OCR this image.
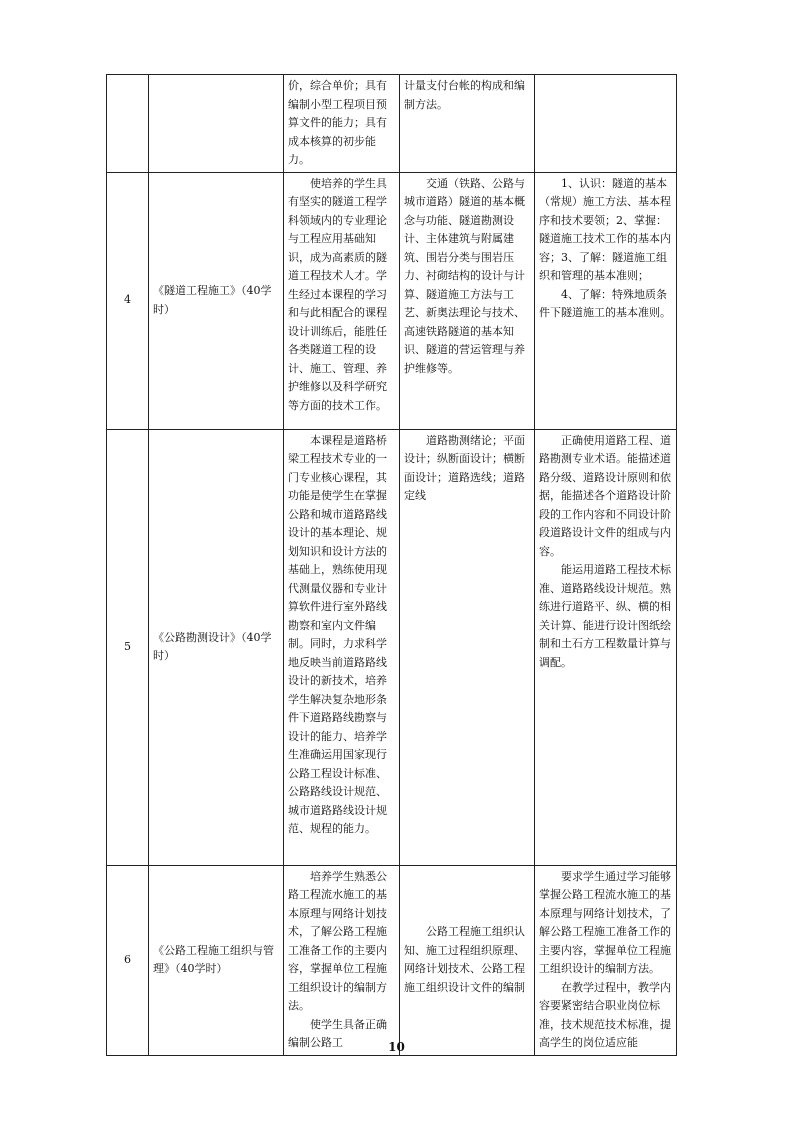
		价，综合单价；具有编制小型工程项目预算文件的能力；具有成本核算的初步能力。	计量支付台帐的构成和编制方法。	

4	《隧道工程施工》（40学时）	　　使培养的学生具有坚实的隧道工程学科领域内的专业理论与工程应用基础知识，成为高素质的隧道工程技术人才。学生经过本课程的学习和与此相配合的课程设计训练后，能胜任各类隧道工程的设计、施工、管理、养护维修以及科学研究等方面的技术工作。	　　交通（铁路、公路与城市道路）隧道的基本概念与功能、隧道勘测设计、主体建筑与附属建筑、围岩分类与围岩压力、衬砌结构的设计与计算、隧道施工方法与工艺、新奥法理论与技术、高速铁路隧道的基本知识、隧道的营运管理与养护维修等。	　　1、认识：隧道的基本（常规）施工方法、基本程序和技术要领；2、掌握：隧道施工技术工作的基本内容；3、了解：隧道施工组织和管理的基本准则；
　　4、了解：特殊地质条件下隧道施工的基本准则。

5	《公路勘测设计》（40学时）	　　本课程是道路桥梁工程技术专业的一门专业核心课程，其功能是使学生在掌握公路和城市道路路线设计的基本理论、规划知识和设计方法的基础上，熟练使用现代测量仪器和专业计算软件进行室外路线勘察和室内文件编制。同时，力求科学地反映当前道路路线设计的新技术，培养学生解决复杂地形条件下道路路线勘察与设计的能力、培养学生准确运用国家现行公路工程设计标准、公路路线设计规范、城市道路路线设计规范、规程的能力。	　　道路勘测绪论；平面设计；纵断面设计；横断面设计；道路选线；道路定线	　　正确使用道路工程、道路勘测专业术语。能描述道路分级、道路设计原则和依据，能描述各个道路设计阶段的工作内容和不同设计阶段道路设计文件的组成与内容。
　　能运用道路工程技术标准、道路路线设计规范。熟练进行道路平、纵、横的相关计算、能进行设计图纸绘制和土石方工程数量计算与调配。

6	《公路工程施工组织与管理》（40学时）	　　培养学生熟悉公路工程流水施工的基本原理与网络计划技术，了解公路工程施工准备工作的主要内容，掌握单位工程施工组织设计的编制方法。
　　使学生具备正确编制公路工	　　公路工程施工组织认知、施工过程组织原理、网络计划技术、公路工程施工组织设计文件的编制	　　要求学生通过学习能够掌握公路工程流水施工的基本原理与网络计划技术，了解公路工程施工准备工作的主要内容，掌握单位工程施工组织设计的编制方法。
　　在教学过程中，教学内容要紧密结合职业岗位标准，技术规范技术标准，提高学生的岗位适应能
10
